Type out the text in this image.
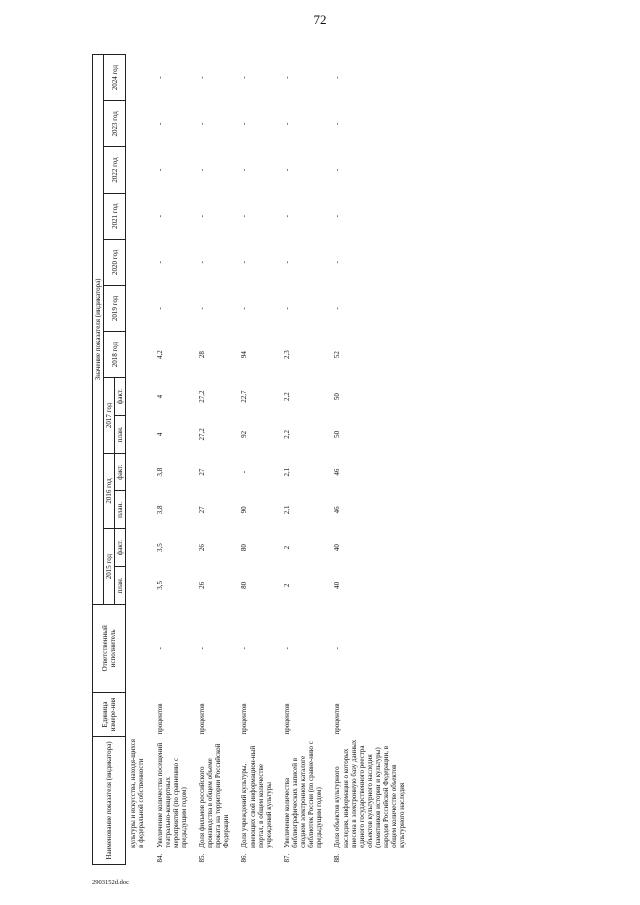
72
Наименование показателя (индикатора)		Единица измере-ния	Ответственный исполнитель	Значение показателя (индикатора)													
				2015 год		2016 год		2017 год		2018 год	2019 год	2020 год	2021 год	2022 год	2023 год	2024 год	
				план.	факт.	план.	факт.	план.	факт.								
	культуры и искусства, находя-щихся в федеральной собственности																
84.	Увеличение количества посещений театрально-концертных мероприятий (по сравнению с предыдущим годом)	процентов	-	3,5	3,5	3,8	3,8	4	4	4,2	-	-	-	-	-	-	
85.	Доля фильмов российского производства в общем объеме проката на территории Российской Федерации	процентов	-	26	26	27	27	27,2	27,2	28	-	-	-	-	-	-	
86.	Доля учреждений культуры, имеющих свой информацион-ный портал, в общем количестве учреждений культуры	процентов	-	80	80	90	-	92	22,7	94	-	-	-	-	-	-	
87.	Увеличение количества библиографических записей в сводном электронном каталоге библиотек России (по сравне-нию с предыдущим годом)	процентов	-	2	2	2,1	2,1	2,2	2,2	2,3	-	-	-	-	-	-	
88.	Доля объектов культурного наследия, информация о которых внесена в электронную базу данных единого государственного реестра объектов культурного наследия (памятников истории и культуры) народов Российской Федерации, в общем количестве объектов культурного наследия	процентов	-	40	40	46	46	50	50	52	-	-	-	-	-	-	
2903152d.doc
